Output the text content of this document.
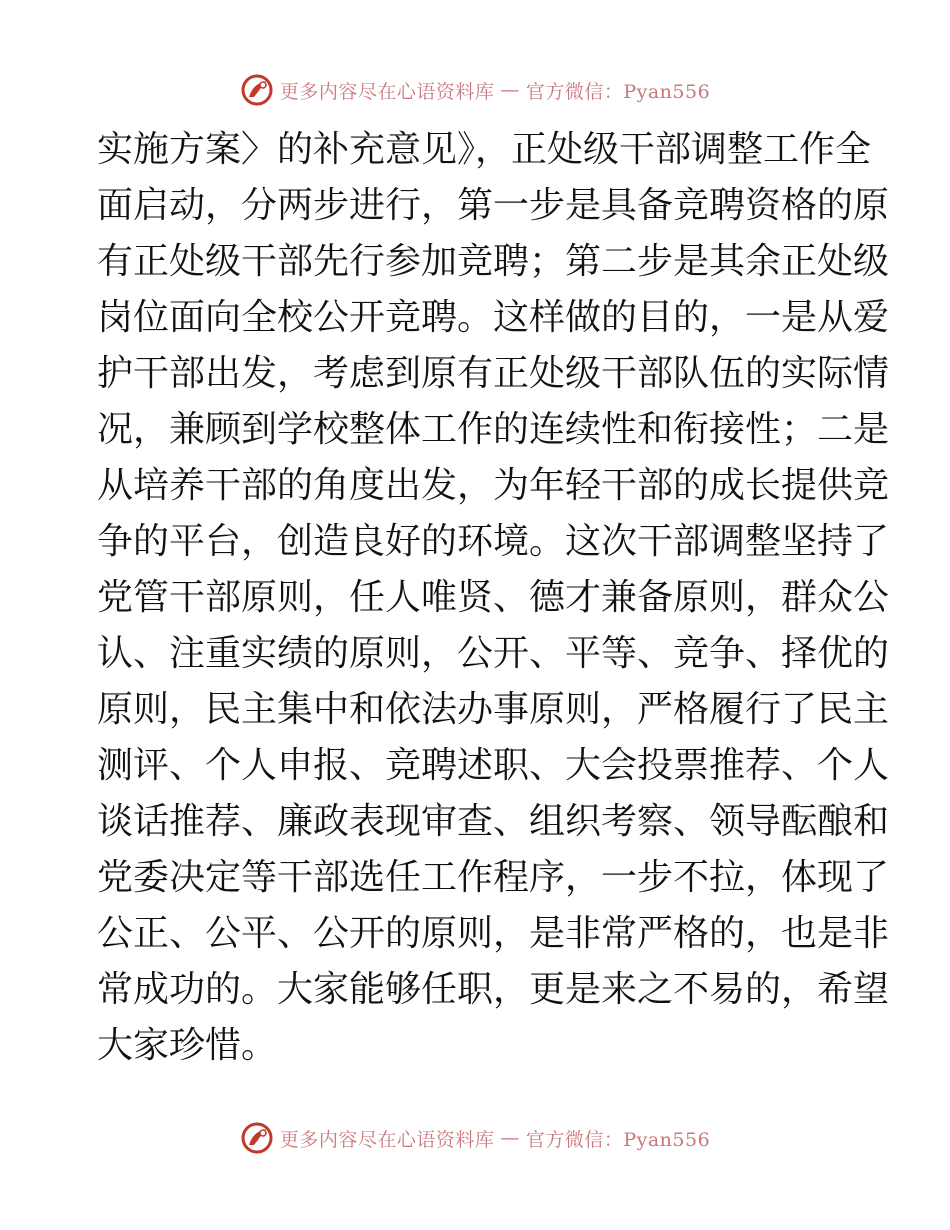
更多内容尽在心语资料库 — 官方微信：Pyan556
实施方案〉的补充意见》，正处级干部调整工作全
面启动，分两步进行，第一步是具备竞聘资格的原
有正处级干部先行参加竞聘；第二步是其余正处级
岗位面向全校公开竞聘。这样做的目的，一是从爱
护干部出发，考虑到原有正处级干部队伍的实际情
况，兼顾到学校整体工作的连续性和衔接性；二是
从培养干部的角度出发，为年轻干部的成长提供竞
争的平台，创造良好的环境。这次干部调整坚持了
党管干部原则，任人唯贤、德才兼备原则，群众公
认、注重实绩的原则，公开、平等、竞争、择优的
原则，民主集中和依法办事原则，严格履行了民主
测评、个人申报、竞聘述职、大会投票推荐、个人
谈话推荐、廉政表现审查、组织考察、领导酝酿和
党委决定等干部选任工作程序，一步不拉，体现了
公正、公平、公开的原则，是非常严格的，也是非
常成功的。大家能够任职，更是来之不易的，希望
大家珍惜。
更多内容尽在心语资料库 — 官方微信：Pyan556
